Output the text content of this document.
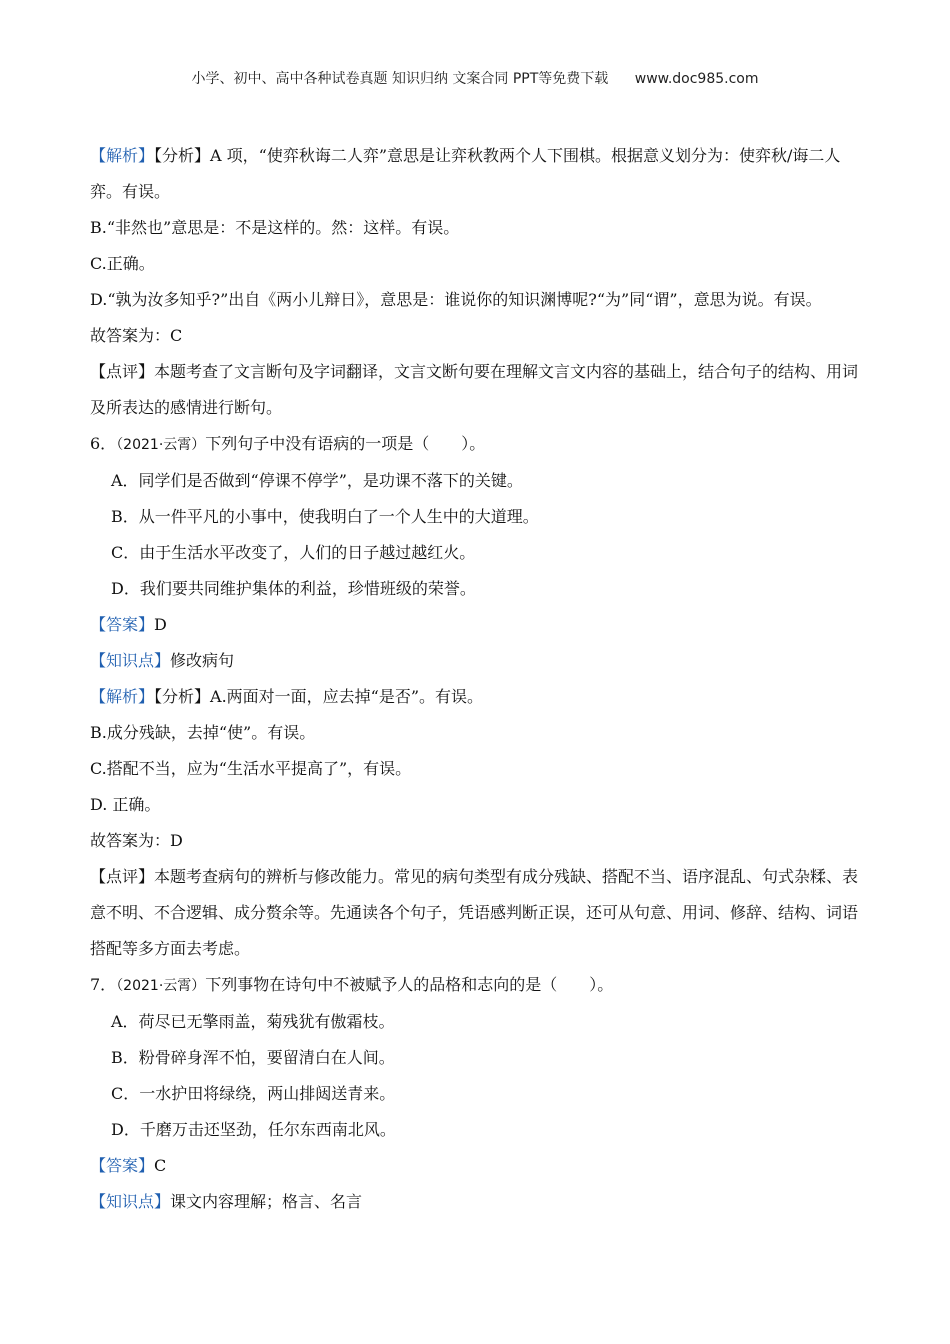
小学、初中、高中各种试卷真题 知识归纳 文案合同 PPT等免费下载 www.doc985.com

【解析】【分析】A 项，“使弈秋诲二人弈”意思是让弈秋教两个人下围棋。根据意义划分为：使弈秋/诲二人弈。有误。

B.“非然也”意思是：不是这样的。然：这样。有误。

C.正确。

D.“孰为汝多知乎?”出自《两小儿辩日》，意思是：谁说你的知识渊博呢?“为”同“谓”，意思为说。有误。

故答案为：C

【点评】本题考查了文言断句及字词翻译，文言文断句要在理解文言文内容的基础上，结合句子的结构、用词及所表达的感情进行断句。

6．（2021·云霄）下列句子中没有语病的一项是（　　）。

A．同学们是否做到“停课不停学”，是功课不落下的关键。

B．从一件平凡的小事中，使我明白了一个人生中的大道理。

C．由于生活水平改变了，人们的日子越过越红火。

D．我们要共同维护集体的利益，珍惜班级的荣誉。

【答案】D

【知识点】修改病句

【解析】【分析】A.两面对一面，应去掉“是否”。有误。

B.成分残缺，去掉“使”。有误。

C.搭配不当，应为“生活水平提高了”，有误。

D. 正确。

故答案为：D

【点评】本题考查病句的辨析与修改能力。常见的病句类型有成分残缺、搭配不当、语序混乱、句式杂糅、表意不明、不合逻辑、成分赘余等。先通读各个句子，凭语感判断正误，还可从句意、用词、修辞、结构、词语搭配等多方面去考虑。

7．（2021·云霄）下列事物在诗句中不被赋予人的品格和志向的是（　　）。

A．荷尽已无擎雨盖，菊残犹有傲霜枝。

B．粉骨碎身浑不怕，要留清白在人间。

C．一水护田将绿绕，两山排闼送青来。

D．千磨万击还坚劲，任尔东西南北风。

【答案】C

【知识点】课文内容理解；格言、名言
